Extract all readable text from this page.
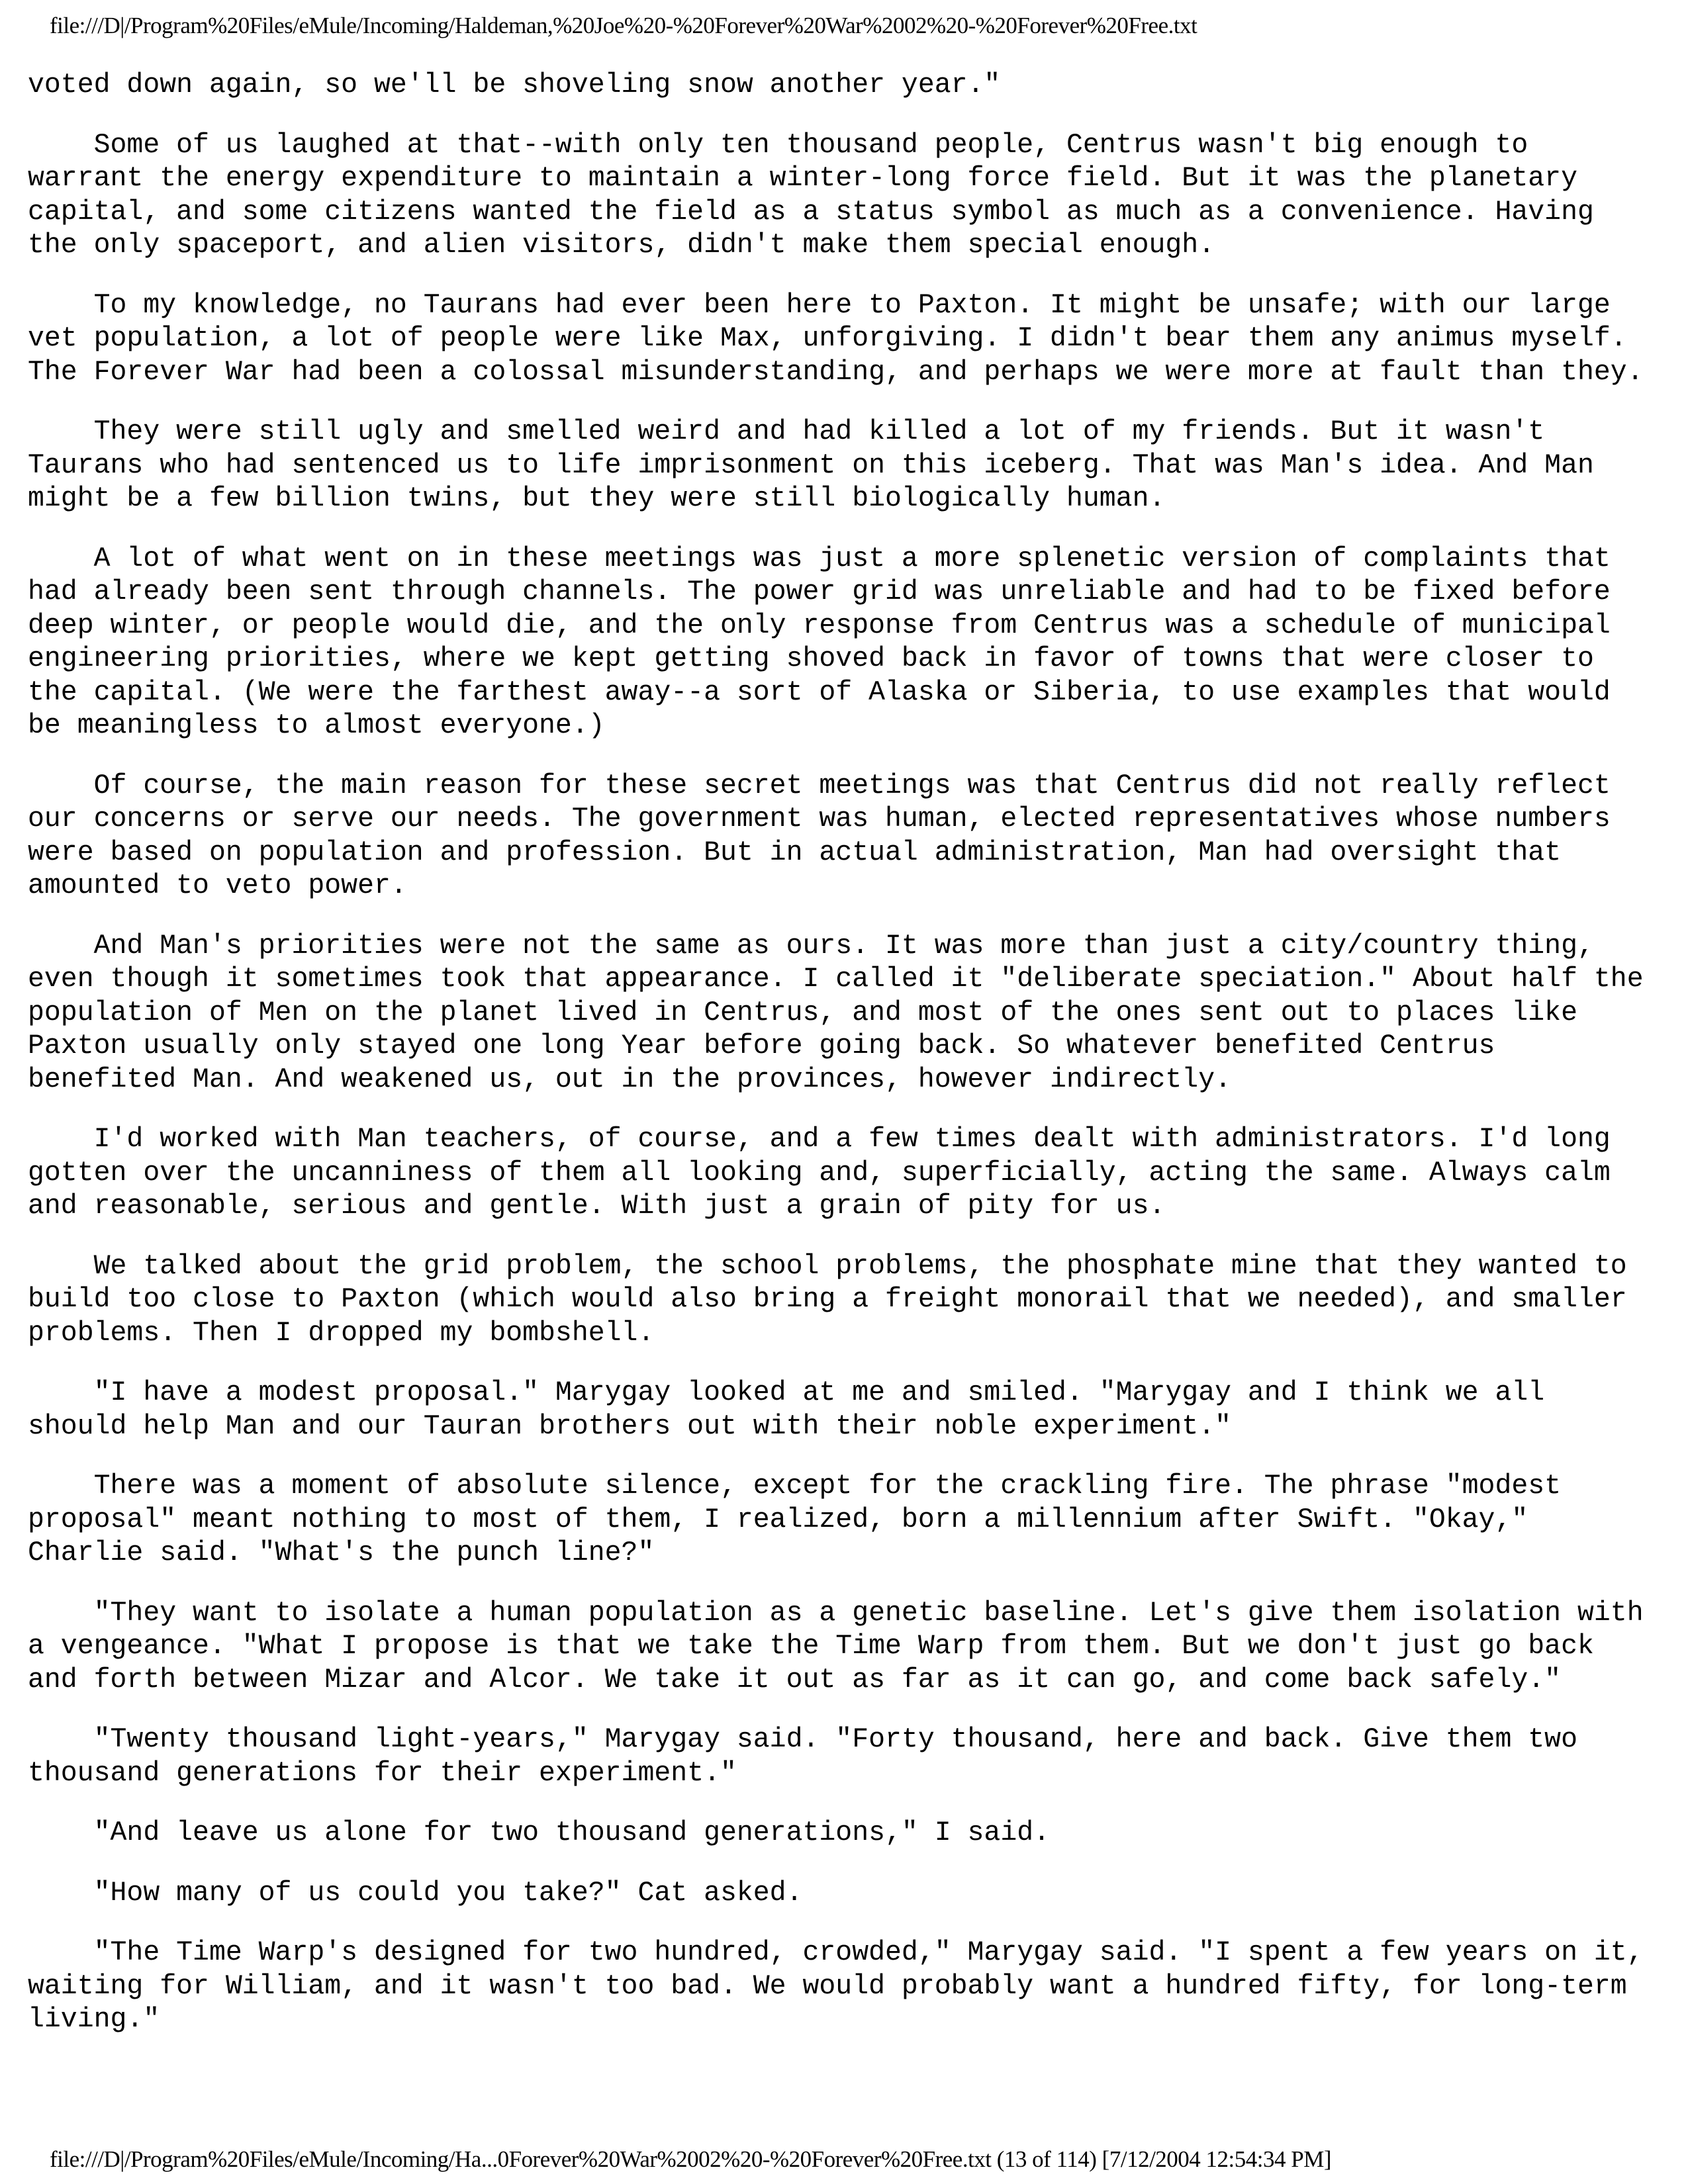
file:///D|/Program%20Files/eMule/Incoming/Haldeman,%20Joe%20-%20Forever%20War%2002%20-%20Forever%20Free.txt

voted down again, so we'll be shoveling snow another year."

Some of us laughed at that--with only ten thousand people, Centrus wasn't big enough to
warrant the energy expenditure to maintain a winter-long force field. But it was the planetary
capital, and some citizens wanted the field as a status symbol as much as a convenience. Having
the only spaceport, and alien visitors, didn't make them special enough.

To my knowledge, no Taurans had ever been here to Paxton. It might be unsafe; with our large
vet population, a lot of people were like Max, unforgiving. I didn't bear them any animus myself.
The Forever War had been a colossal misunderstanding, and perhaps we were more at fault than they.

They were still ugly and smelled weird and had killed a lot of my friends. But it wasn't
Taurans who had sentenced us to life imprisonment on this iceberg. That was Man's idea. And Man
might be a few billion twins, but they were still biologically human.

A lot of what went on in these meetings was just a more splenetic version of complaints that
had already been sent through channels. The power grid was unreliable and had to be fixed before
deep winter, or people would die, and the only response from Centrus was a schedule of municipal
engineering priorities, where we kept getting shoved back in favor of towns that were closer to
the capital. (We were the farthest away--a sort of Alaska or Siberia, to use examples that would
be meaningless to almost everyone.)

Of course, the main reason for these secret meetings was that Centrus did not really reflect
our concerns or serve our needs. The government was human, elected representatives whose numbers
were based on population and profession. But in actual administration, Man had oversight that
amounted to veto power.

And Man's priorities were not the same as ours. It was more than just a city/country thing,
even though it sometimes took that appearance. I called it "deliberate speciation." About half the
population of Men on the planet lived in Centrus, and most of the ones sent out to places like
Paxton usually only stayed one long Year before going back. So whatever benefited Centrus
benefited Man. And weakened us, out in the provinces, however indirectly.

I'd worked with Man teachers, of course, and a few times dealt with administrators. I'd long
gotten over the uncanniness of them all looking and, superficially, acting the same. Always calm
and reasonable, serious and gentle. With just a grain of pity for us.

We talked about the grid problem, the school problems, the phosphate mine that they wanted to
build too close to Paxton (which would also bring a freight monorail that we needed), and smaller
problems. Then I dropped my bombshell.

"I have a modest proposal." Marygay looked at me and smiled. "Marygay and I think we all
should help Man and our Tauran brothers out with their noble experiment."

There was a moment of absolute silence, except for the crackling fire. The phrase "modest
proposal" meant nothing to most of them, I realized, born a millennium after Swift. "Okay,"
Charlie said. "What's the punch line?"

"They want to isolate a human population as a genetic baseline. Let's give them isolation with
a vengeance. "What I propose is that we take the Time Warp from them. But we don't just go back
and forth between Mizar and Alcor. We take it out as far as it can go, and come back safely."

"Twenty thousand light-years," Marygay said. "Forty thousand, here and back. Give them two
thousand generations for their experiment."

"And leave us alone for two thousand generations," I said.

"How many of us could you take?" Cat asked.

"The Time Warp's designed for two hundred, crowded," Marygay said. "I spent a few years on it,
waiting for William, and it wasn't too bad. We would probably want a hundred fifty, for long-term
living."

file:///D|/Program%20Files/eMule/Incoming/Ha...0Forever%20War%2002%20-%20Forever%20Free.txt (13 of 114) [7/12/2004 12:54:34 PM]
